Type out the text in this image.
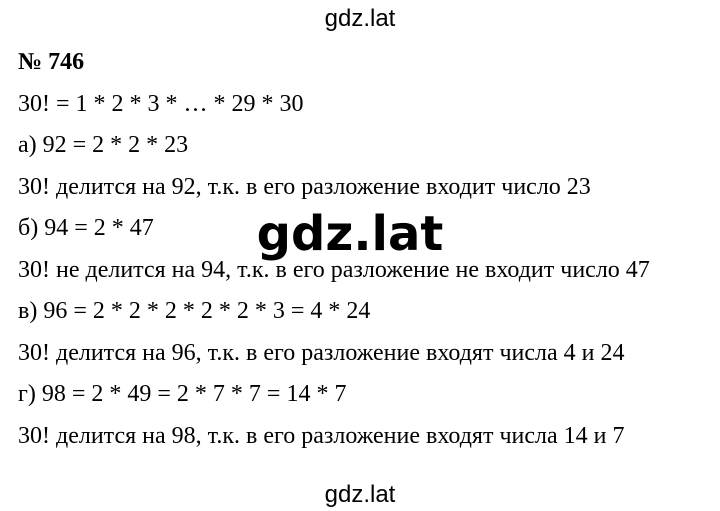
gdz.lat
№ 746
30! = 1 * 2 * 3 * … * 29 * 30
а) 92 = 2 * 2 * 23
30! делится на 92, т.к. в его разложение входит число 23
б) 94 = 2 * 47
30! не делится на 94, т.к. в его разложение не входит число 47
в) 96 = 2 * 2 * 2 * 2 * 2 * 3 = 4 * 24
30! делится на 96, т.к. в его разложение входят числа 4 и 24
г) 98 = 2 * 49 = 2 * 7 * 7 = 14 * 7
30! делится на 98, т.к. в его разложение входят числа 14 и 7
gdz.lat
gdz.lat
